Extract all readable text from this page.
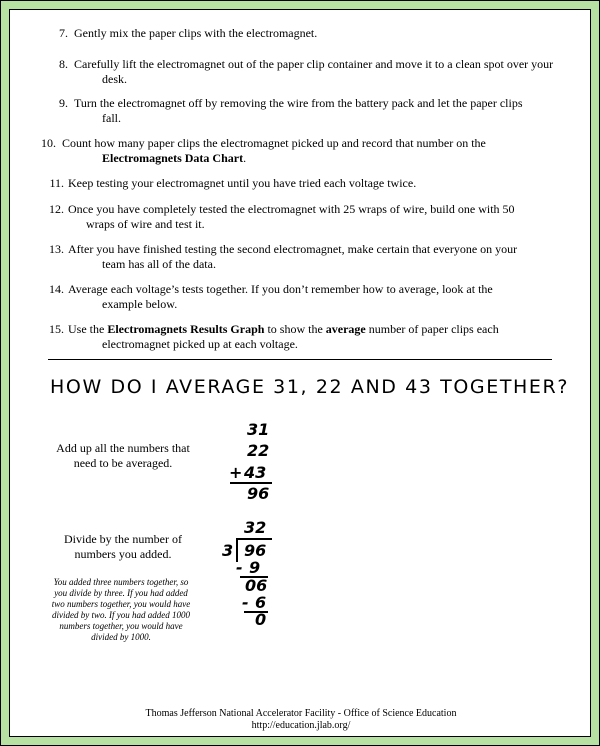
7. Gently mix the paper clips with the electromagnet.
8. Carefully lift the electromagnet out of the paper clip container and move it to a clean spot over your desk.
9. Turn the electromagnet off by removing the wire from the battery pack and let the paper clips fall.
10. Count how many paper clips the electromagnet picked up and record that number on the Electromagnets Data Chart.
11. Keep testing your electromagnet until you have tried each voltage twice.
12. Once you have completely tested the electromagnet with 25 wraps of wire, build one with 50 wraps of wire and test it.
13. After you have finished testing the second electromagnet, make certain that everyone on your team has all of the data.
14. Average each voltage’s tests together. If you don’t remember how to average, look at the example below.
15. Use the Electromagnets Results Graph to show the average number of paper clips each electromagnet picked up at each voltage.
HOW DO I AVERAGE 31, 22 AND 43 TOGETHER?
Add up all the numbers that need to be averaged.
Divide by the number of numbers you added.
You added three numbers together, so you divide by three. If you had added two numbers together, you would have divided by two. If you had added 1000 numbers together, you would have divided by 1000.
31
22
+ 43
96
32
3 96
- 9
06
- 6
0
Thomas Jefferson National Accelerator Facility - Office of Science Education
http://education.jlab.org/
